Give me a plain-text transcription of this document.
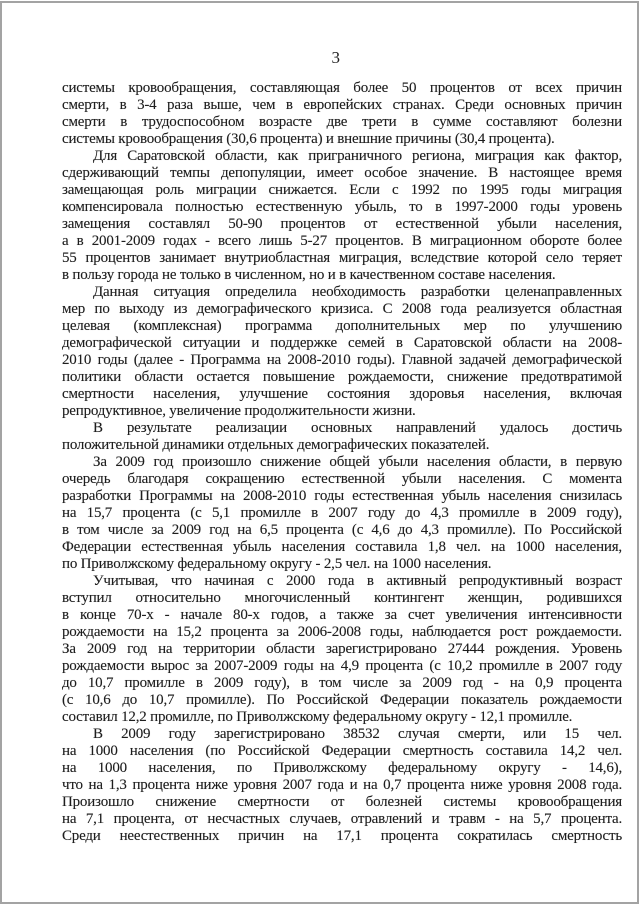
3
системы кровообращения, составляющая более 50 процентов от всех причин
смерти, в 3-4 раза выше, чем в европейских странах. Среди основных причин
смерти в трудоспособном возрасте две трети в сумме составляют болезни
системы кровообращения (30,6 процента) и внешние причины (30,4 процента).
Для Саратовской области, как приграничного региона, миграция как фактор,
сдерживающий темпы депопуляции, имеет особое значение. В настоящее время
замещающая роль миграции снижается. Если с 1992 по 1995 годы миграция
компенсировала полностью естественную убыль, то в 1997-2000 годы уровень
замещения составлял 50-90 процентов от естественной убыли населения,
а в 2001-2009 годах - всего лишь 5-27 процентов. В миграционном обороте более
55 процентов занимает внутриобластная миграция, вследствие которой село теряет
в пользу города не только в численном, но и в качественном составе населения.
Данная ситуация определила необходимость разработки целенаправленных
мер по выходу из демографического кризиса. С 2008 года реализуется областная
целевая (комплексная) программа дополнительных мер по улучшению
демографической ситуации и поддержке семей в Саратовской области на 2008-
2010 годы (далее - Программа на 2008-2010 годы). Главной задачей демографической
политики области остается повышение рождаемости, снижение предотвратимой
смертности населения, улучшение состояния здоровья населения, включая
репродуктивное, увеличение продолжительности жизни.
В результате реализации основных направлений удалось достичь
положительной динамики отдельных демографических показателей.
За 2009 год произошло снижение общей убыли населения области, в первую
очередь благодаря сокращению естественной убыли населения. С момента
разработки Программы на 2008-2010 годы естественная убыль населения снизилась
на 15,7 процента (с 5,1 промилле в 2007 году до 4,3 промилле в 2009 году),
в том числе за 2009 год на 6,5 процента (с 4,6 до 4,3 промилле). По Российской
Федерации естественная убыль населения составила 1,8 чел. на 1000 населения,
по Приволжскому федеральному округу - 2,5 чел. на 1000 населения.
Учитывая, что начиная с 2000 года в активный репродуктивный возраст
вступил относительно многочисленный контингент женщин, родившихся
в конце 70-х - начале 80-х годов, а также за счет увеличения интенсивности
рождаемости на 15,2 процента за 2006-2008 годы, наблюдается рост рождаемости.
За 2009 год на территории области зарегистрировано 27444 рождения. Уровень
рождаемости вырос за 2007-2009 годы на 4,9 процента (с 10,2 промилле в 2007 году
до 10,7 промилле в 2009 году), в том числе за 2009 год - на 0,9 процента
(с 10,6 до 10,7 промилле). По Российской Федерации показатель рождаемости
составил 12,2 промилле, по Приволжскому федеральному округу - 12,1 промилле.
В 2009 году зарегистрировано 38532 случая смерти, или 15 чел.
на 1000 населения (по Российской Федерации смертность составила 14,2 чел.
на 1000 населения, по Приволжскому федеральному округу - 14,6),
что на 1,3 процента ниже уровня 2007 года и на 0,7 процента ниже уровня 2008 года.
Произошло снижение смертности от болезней системы кровообращения
на 7,1 процента, от несчастных случаев, отравлений и травм - на 5,7 процента.
Среди неестественных причин на 17,1 процента сократилась смертность
